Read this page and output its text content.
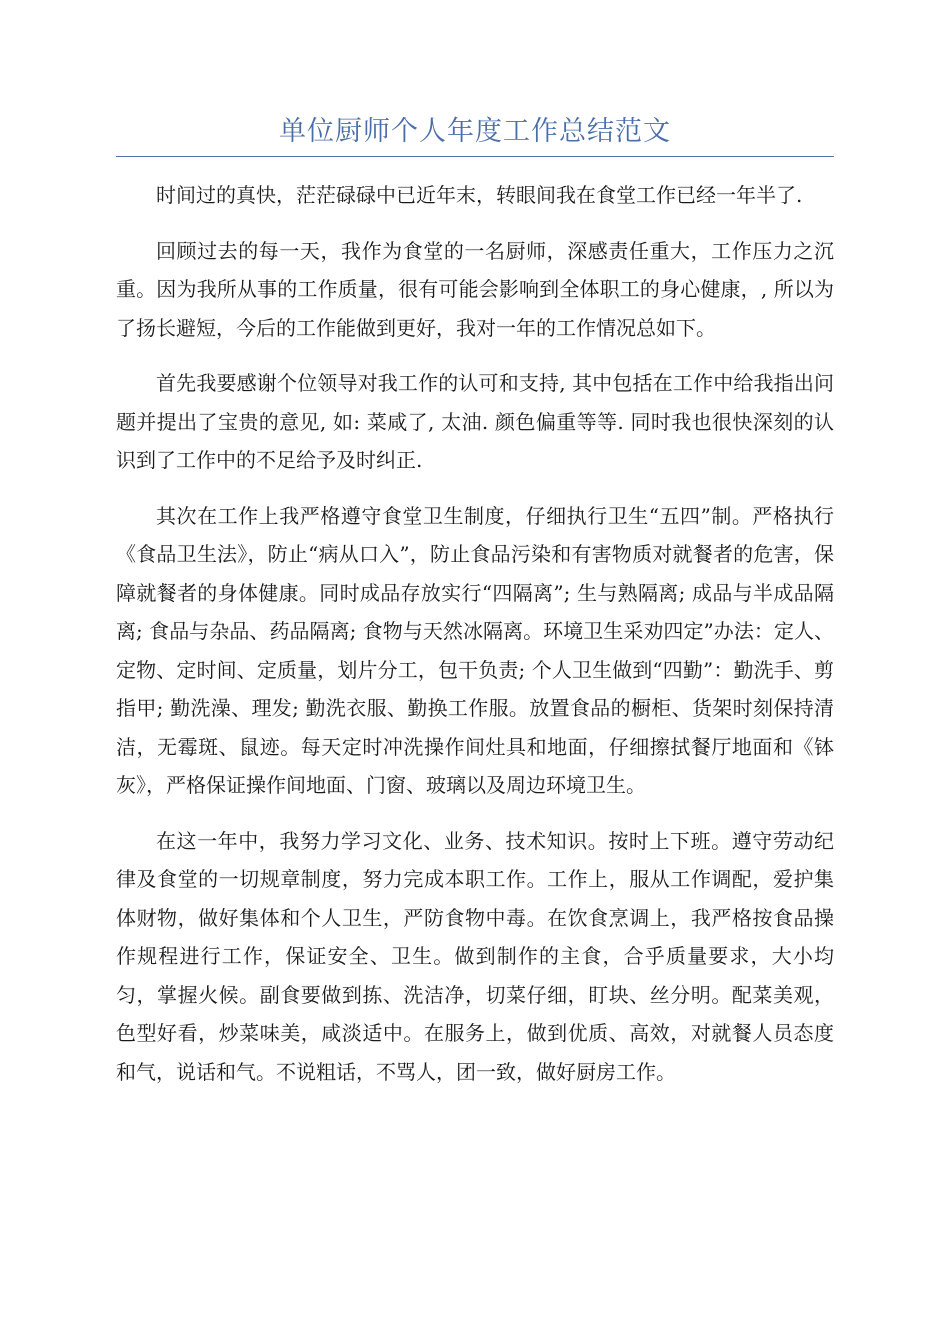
单位厨师个人年度工作总结范文

时间过的真快，茫茫碌碌中已近年末，转眼间我在食堂工作已经一年半了.

回顾过去的每一天，我作为食堂的一名厨师，深感责任重大，工作压力之沉重。因为我所从事的工作质量，很有可能会影响到全体职工的身心健康，, 所以为了扬长避短，今后的工作能做到更好，我对一年的工作情况总如下。

首先我要感谢个位领导对我工作的认可和支持, 其中包括在工作中给我指出问题并提出了宝贵的意见, 如: 菜咸了, 太油. 颜色偏重等等. 同时我也很快深刻的认识到了工作中的不足给予及时纠正.

其次在工作上我严格遵守食堂卫生制度，仔细执行卫生“五四”制。严格执行《食品卫生法》，防止“病从口入”，防止食品污染和有害物质对就餐者的危害，保障就餐者的身体健康。同时成品存放实行“四隔离”; 生与熟隔离; 成品与半成品隔离; 食品与杂品、药品隔离; 食物与天然冰隔离。环境卫生采劝四定”办法：定人、定物、定时间、定质量，划片分工，包干负责; 个人卫生做到“四勤”：勤洗手、剪指甲; 勤洗澡、理发; 勤洗衣服、勤换工作服。放置食品的橱柜、货架时刻保持清洁，无霉斑、鼠迹。每天定时冲洗操作间灶具和地面，仔细擦拭餐厅地面和《钵灰》，严格保证操作间地面、门窗、玻璃以及周边环境卫生。

在这一年中，我努力学习文化、业务、技术知识。按时上下班。遵守劳动纪律及食堂的一切规章制度，努力完成本职工作。工作上，服从工作调配，爱护集体财物，做好集体和个人卫生，严防食物中毒。在饮食烹调上，我严格按食品操作规程进行工作，保证安全、卫生。做到制作的主食，合乎质量要求，大小均匀，掌握火候。副食要做到拣、洗洁净，切菜仔细，盯块、丝分明。配菜美观，色型好看，炒菜味美，咸淡适中。在服务上，做到优质、高效，对就餐人员态度和气，说话和气。不说粗话，不骂人，团一致，做好厨房工作。
